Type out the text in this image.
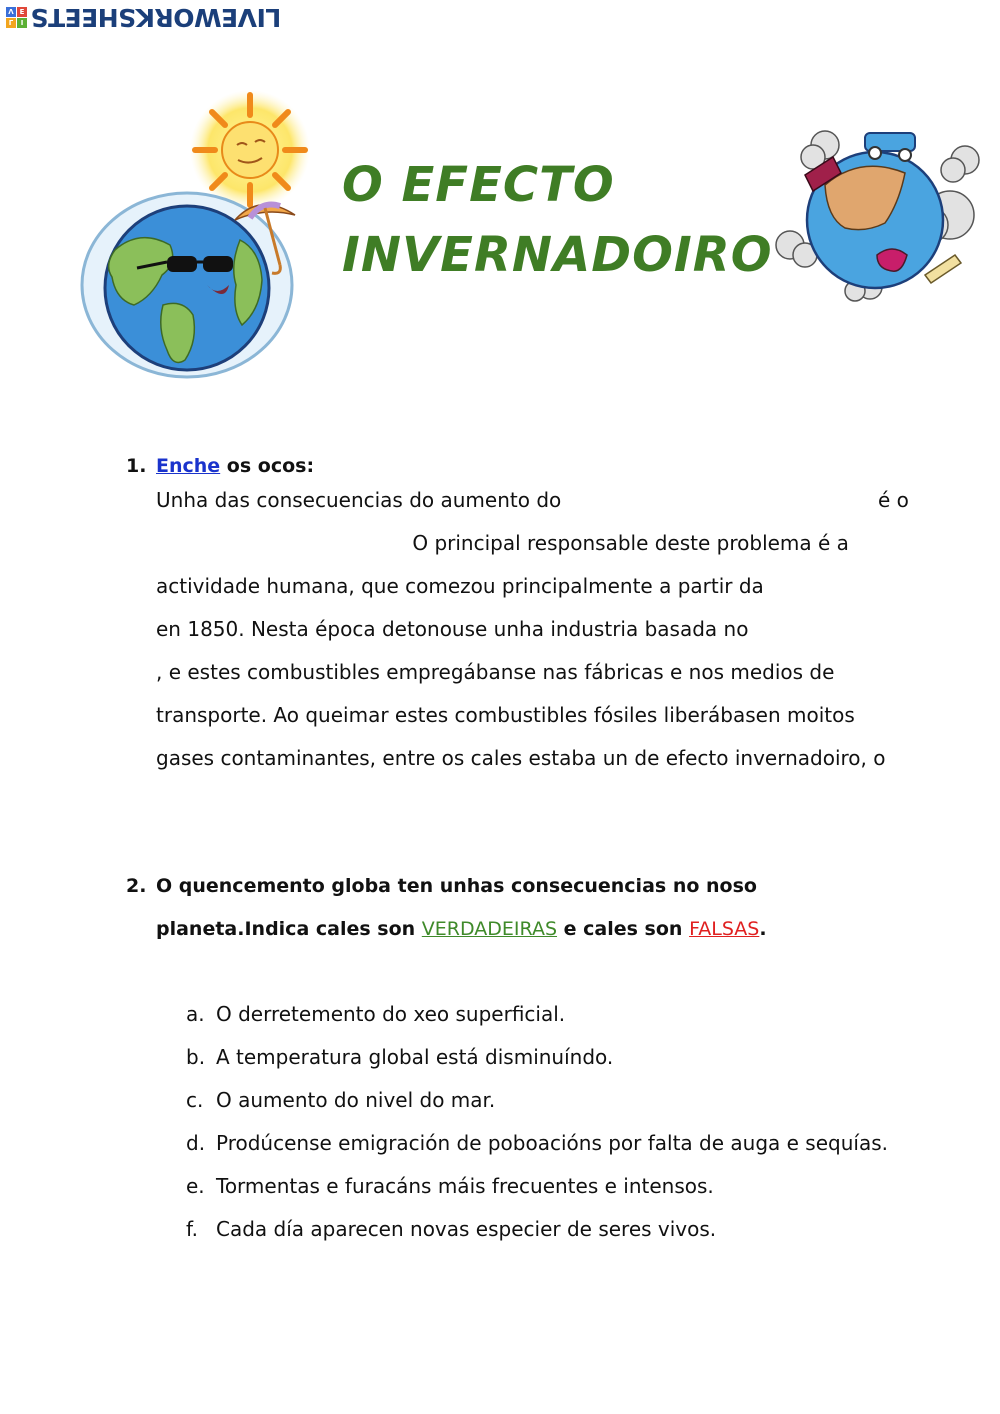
Λ Ε
Γ	Ι LIVEWORKSHEETS
O EFECTO
INVERNADOIRO
1. Enche os ocos:
Unha das consecuencias do aumento do	é o
O principal responsable deste problema é a
actividade humana, que comezou principalmente a partir da
en 1850. Nesta época detonouse unha industria basada no
, e estes combustibles empregábanse nas fábricas e nos medios de
transporte. Ao queimar estes combustibles fósiles liberábasen moitos
gases contaminantes, entre os cales estaba un de efecto invernadoiro, o
2. O quencemento globa ten unhas consecuencias no noso
planeta.Indica cales son VERDADEIRAS e cales son FALSAS.
a. O derretemento do xeo superficial.
b. A temperatura global está disminuíndo.
c. O aumento do nivel do mar.
d. Prodúcense emigración de poboacións por falta de auga e sequías.
e. Tormentas e furacáns máis frecuentes e intensos.
f. Cada día aparecen novas especier de seres vivos.
